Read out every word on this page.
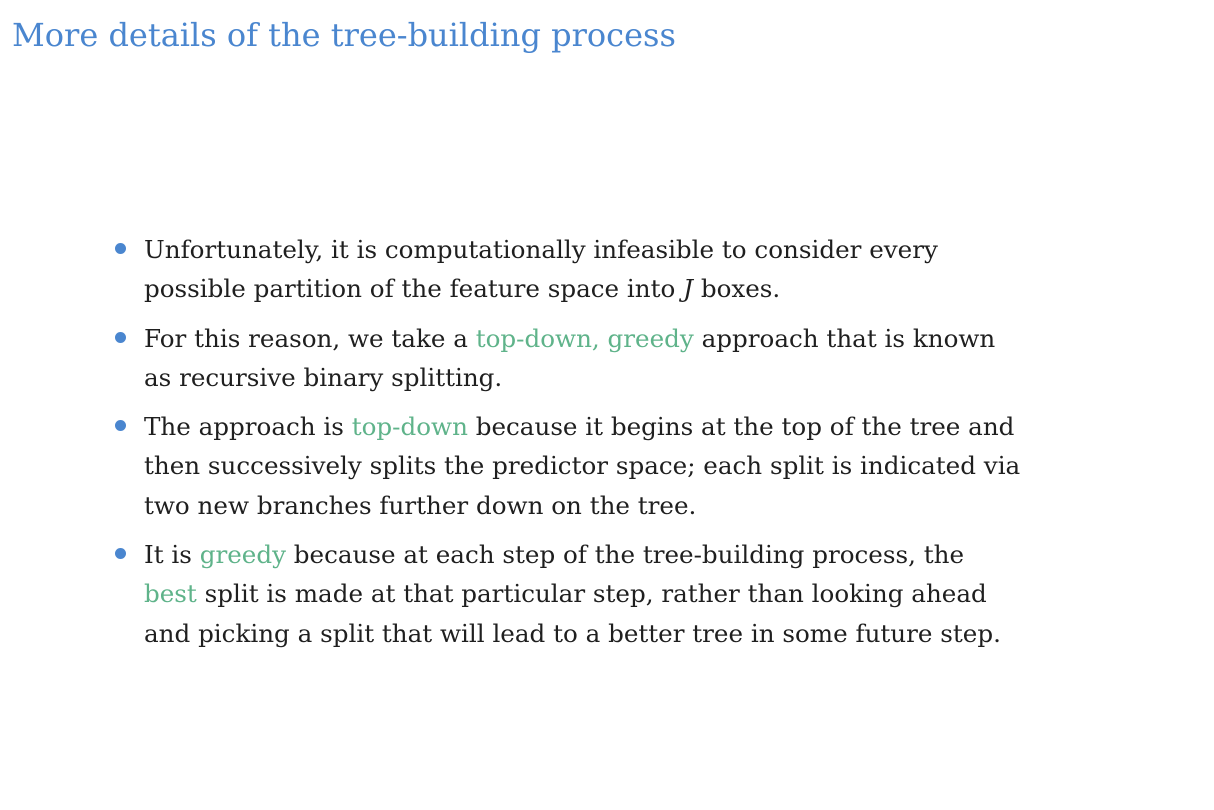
More details of the tree-building process
Unfortunately, it is computationally infeasible to consider every
possible partition of the feature space into J boxes.
For this reason, we take a top-down, greedy approach that is known
as recursive binary splitting.
The approach is top-down because it begins at the top of the tree and
then successively splits the predictor space; each split is indicated via
two new branches further down on the tree.
It is greedy because at each step of the tree-building process, the
best split is made at that particular step, rather than looking ahead
and picking a split that will lead to a better tree in some future step.
